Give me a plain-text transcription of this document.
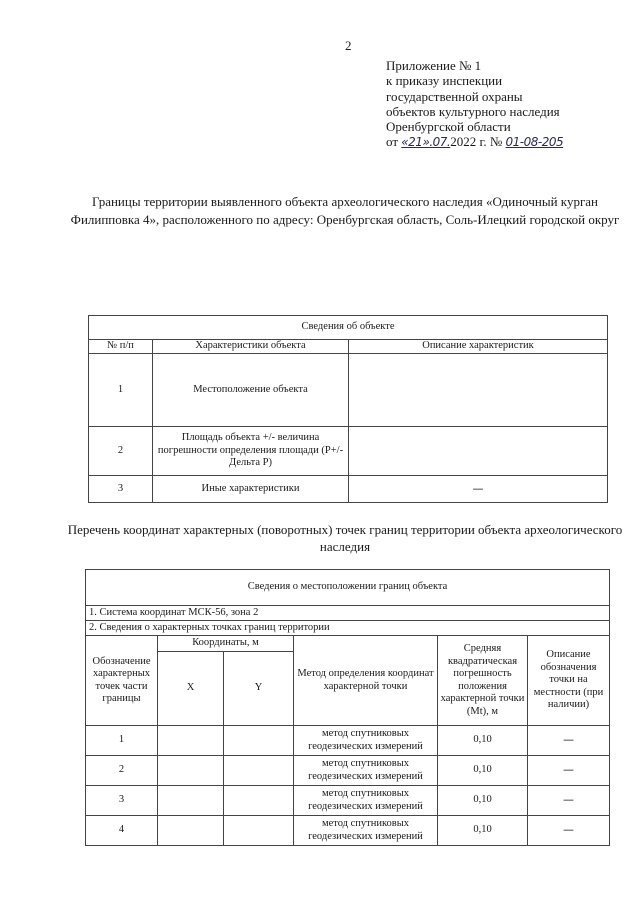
2
Приложение № 1
к приказу инспекции
государственной охраны
объектов культурного наследия
Оренбургской области
от «21».07.2022 г. № 01-08-205
Границы территории выявленного объекта археологического наследия «Одиночный курган Филипповка 4», расположенного по адресу: Оренбургская область, Соль-Илецкий городской округ
Сведения об объекте		
№ п/п	Характеристики объекта	Описание характеристик
1	Местоположение объекта	
2	Площадь объекта +/- величина погрешности определения площади (P+/- Дельта P)	
3	Иные характеристики	—
Перечень координат характерных (поворотных) точек границ территории объекта археологического наследия
Сведения о местоположении границ объекта					
1. Система координат МСК-56, зона 2					
2. Сведения о характерных точках границ территории					
Обозначение характерных точек части границы	Координаты, м		Метод определения координат характерной точки	Средняя квадратическая погрешность положения характерной точки (Mt), м	Описание обозначения точки на местности (при наличии)
	X	Y			
1			метод спутниковых геодезических измерений	0,10	—
2			метод спутниковых геодезических измерений	0,10	—
3			метод спутниковых геодезических измерений	0,10	—
4			метод спутниковых геодезических измерений	0,10	—
